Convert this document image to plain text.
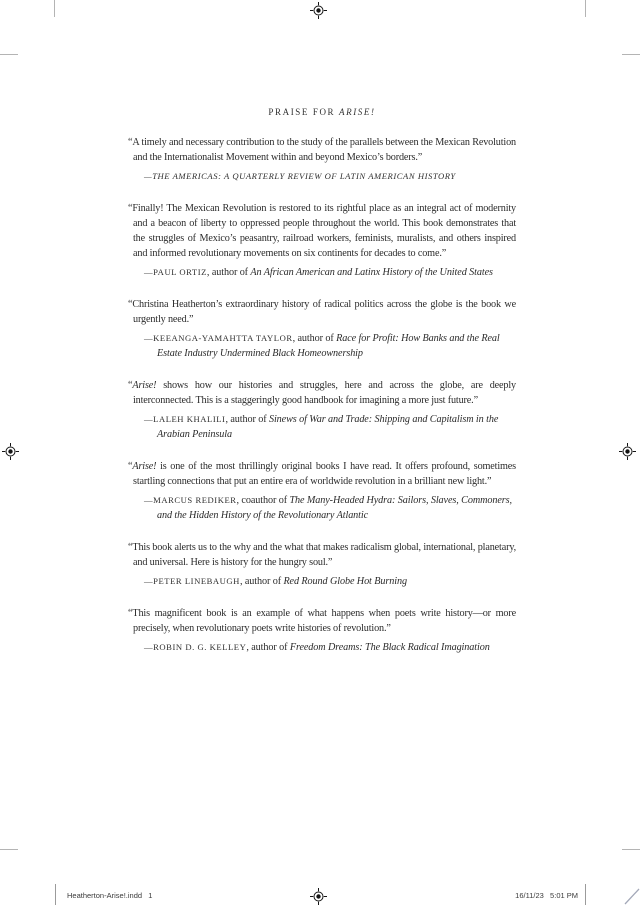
PRAISE FOR ARISE!

“A timely and necessary contribution to the study of the parallels between the Mexican Revolution and the Internationalist Movement within and beyond Mexico’s borders.”

—THE AMERICAS: A QUARTERLY REVIEW OF LATIN AMERICAN HISTORY

“Finally! The Mexican Revolution is restored to its rightful place as an integral act of modernity and a beacon of liberty to oppressed people throughout the world. This book demonstrates that the struggles of Mexico’s peasantry, railroad workers, feminists, muralists, and others inspired and informed revolutionary movements on six continents for decades to come.”

—PAUL ORTIZ, author of An African American and Latinx History of the United States

“Christina Heatherton’s extraordinary history of radical politics across the globe is the book we urgently need.”

—KEEANGA-YAMAHTTA TAYLOR, author of Race for Profit: How Banks and the Real Estate Industry Undermined Black Homeownership

“Arise! shows how our histories and struggles, here and across the globe, are deeply interconnected. This is a staggeringly good handbook for imagining a more just future.”

—LALEH KHALILI, author of Sinews of War and Trade: Shipping and Capitalism in the Arabian Peninsula

“Arise! is one of the most thrillingly original books I have read. It offers profound, sometimes startling connections that put an entire era of worldwide revolution in a brilliant new light.”

—MARCUS REDIKER, coauthor of The Many-Headed Hydra: Sailors, Slaves, Commoners, and the Hidden History of the Revolutionary Atlantic

“This book alerts us to the why and the what that makes radicalism global, international, planetary, and universal. Here is history for the hungry soul.”

—PETER LINEBAUGH, author of Red Round Globe Hot Burning

“This magnificent book is an example of what happens when poets write history—or more precisely, when revolutionary poets write histories of revolution.”

—ROBIN D. G. KELLEY, author of Freedom Dreams: The Black Radical Imagination

Heatherton-Arise!.indd   1	16/11/23   5:01 PM
